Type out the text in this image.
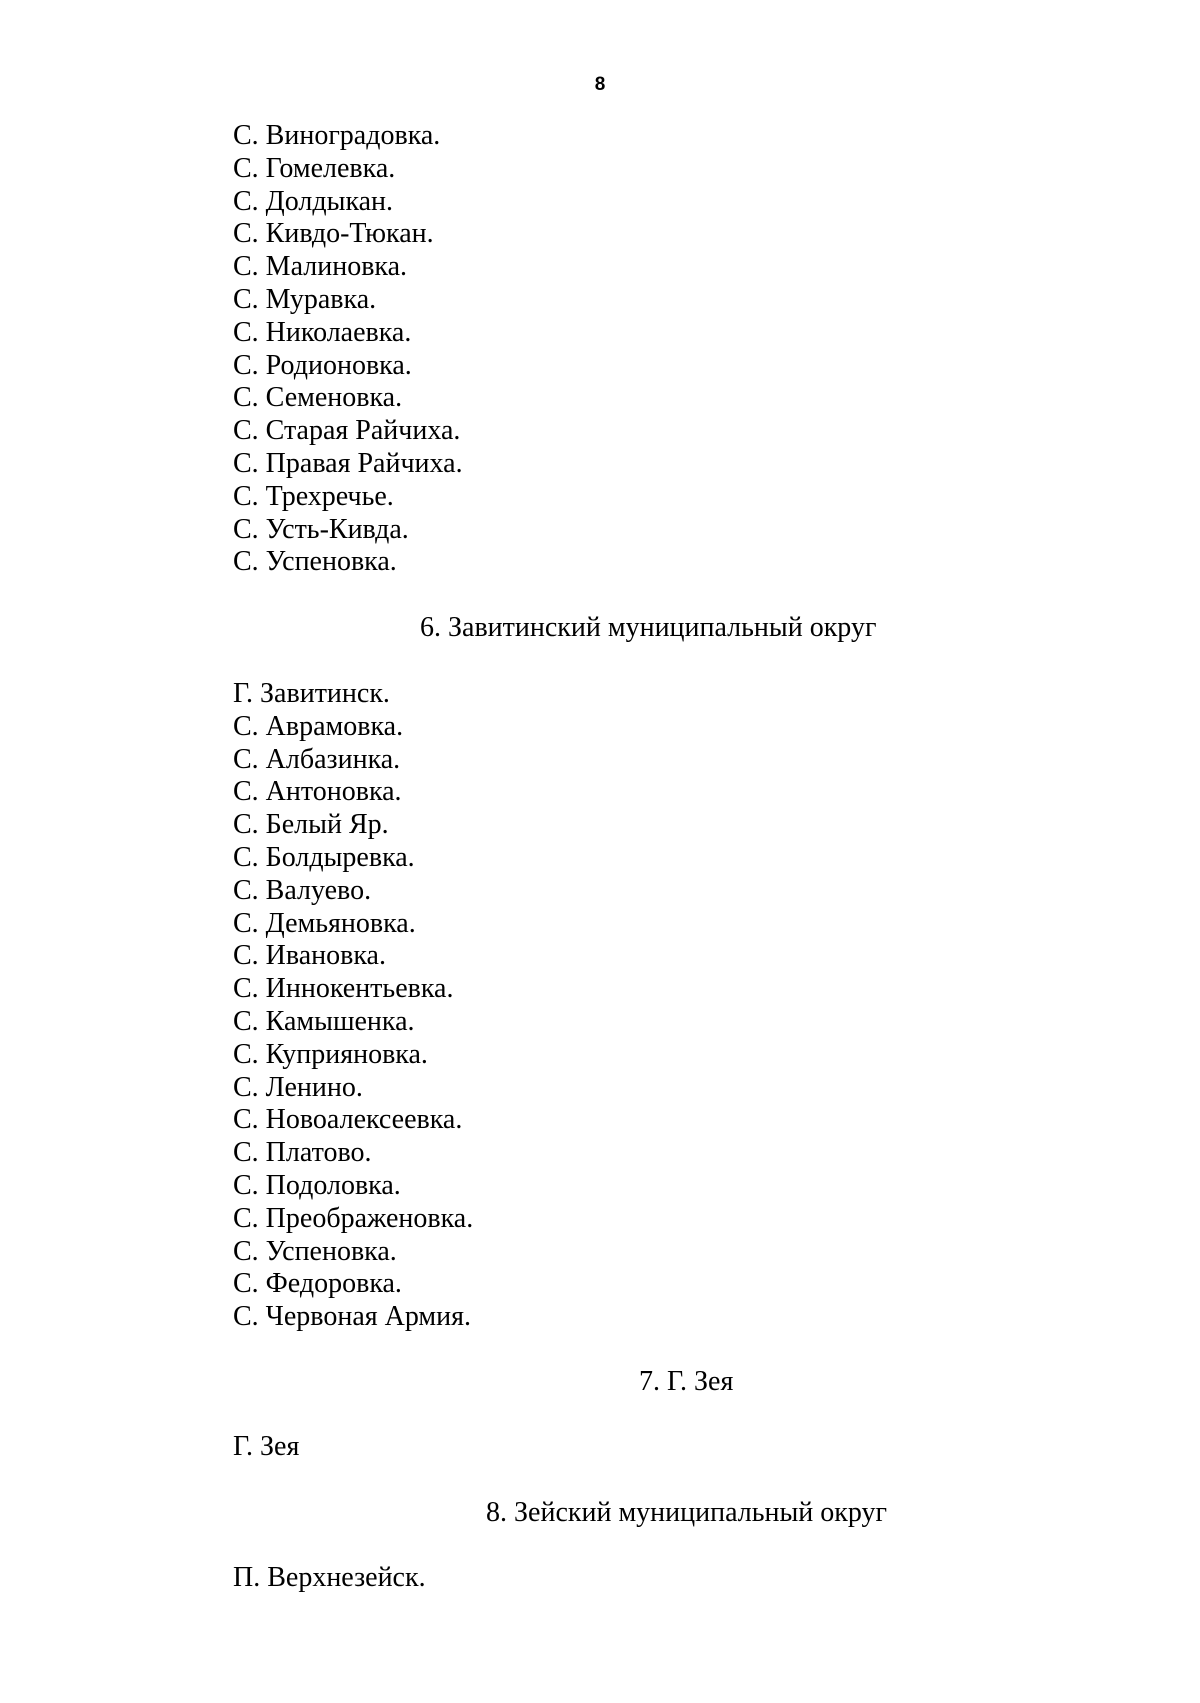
8
С. Виноградовка.
С. Гомелевка.
С. Долдыкан.
С. Кивдо-Тюкан.
С. Малиновка.
С. Муравка.
С. Николаевка.
С. Родионовка.
С. Семеновка.
С. Старая Райчиха.
С. Правая Райчиха.
С. Трехречье.
С. Усть-Кивда.
С. Успеновка.
6. Завитинский муниципальный округ
Г. Завитинск.
С. Аврамовка.
С. Албазинка.
С. Антоновка.
С. Белый Яр.
С. Болдыревка.
С. Валуево.
С. Демьяновка.
С. Ивановка.
С. Иннокентьевка.
С. Камышенка.
С. Куприяновка.
С. Ленино.
С. Новоалексеевка.
С. Платово.
С. Подоловка.
С. Преображеновка.
С. Успеновка.
С. Федоровка.
С. Червоная Армия.
7. Г. Зея
Г. Зея
8. Зейский муниципальный округ
П. Верхнезейск.
